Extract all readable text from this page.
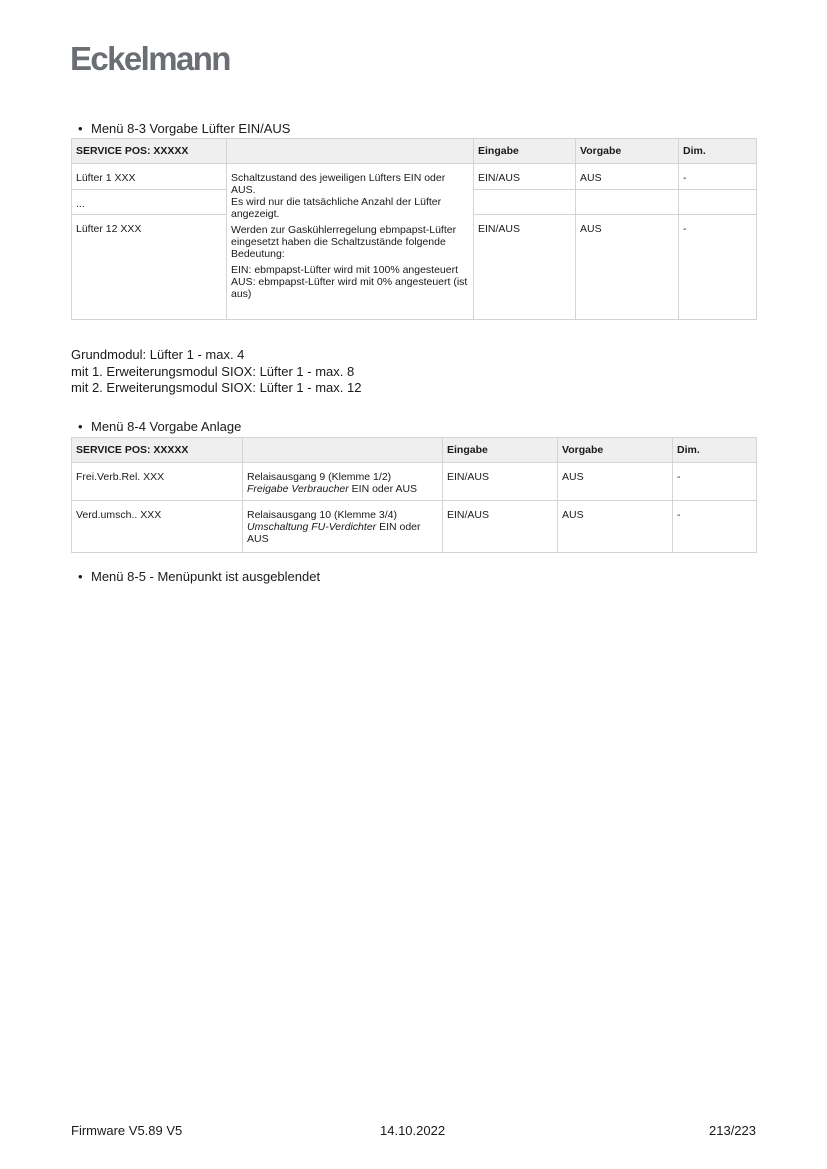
Eckelmann
• Menü 8-3 Vorgabe Lüfter EIN/AUS
SERVICE POS: XXXXX		Eingabe	Vorgabe	Dim.
Lüfter 1 XXX	Schaltzustand des jeweiligen Lüfters EIN oder AUS.
Es wird nur die tatsächliche Anzahl der Lüfter angezeigt.
Werden zur Gaskühlerregelung ebmpapst-Lüfter eingesetzt haben die Schaltzustände folgende Bedeutung:
EIN: ebmpapst-Lüfter wird mit 100% angesteuert
AUS: ebmpapst-Lüfter wird mit 0% angesteuert (ist aus)	EIN/AUS	AUS	-
...				
Lüfter 12 XXX		EIN/AUS	AUS	-
Grundmodul: Lüfter 1 - max. 4
mit 1. Erweiterungsmodul SIOX: Lüfter 1 - max. 8
mit 2. Erweiterungsmodul SIOX: Lüfter 1 - max. 12
• Menü 8-4 Vorgabe Anlage
SERVICE POS: XXXXX		Eingabe	Vorgabe	Dim.
Frei.Verb.Rel. XXX	Relaisausgang 9 (Klemme 1/2)
Freigabe Verbraucher EIN oder AUS	EIN/AUS	AUS	-
Verd.umsch.. XXX	Relaisausgang 10 (Klemme 3/4)
Umschaltung FU-Verdichter EIN oder AUS	EIN/AUS	AUS	-
• Menü 8-5 - Menüpunkt ist ausgeblendet
Firmware V5.89 V5	14.10.2022	213/223
